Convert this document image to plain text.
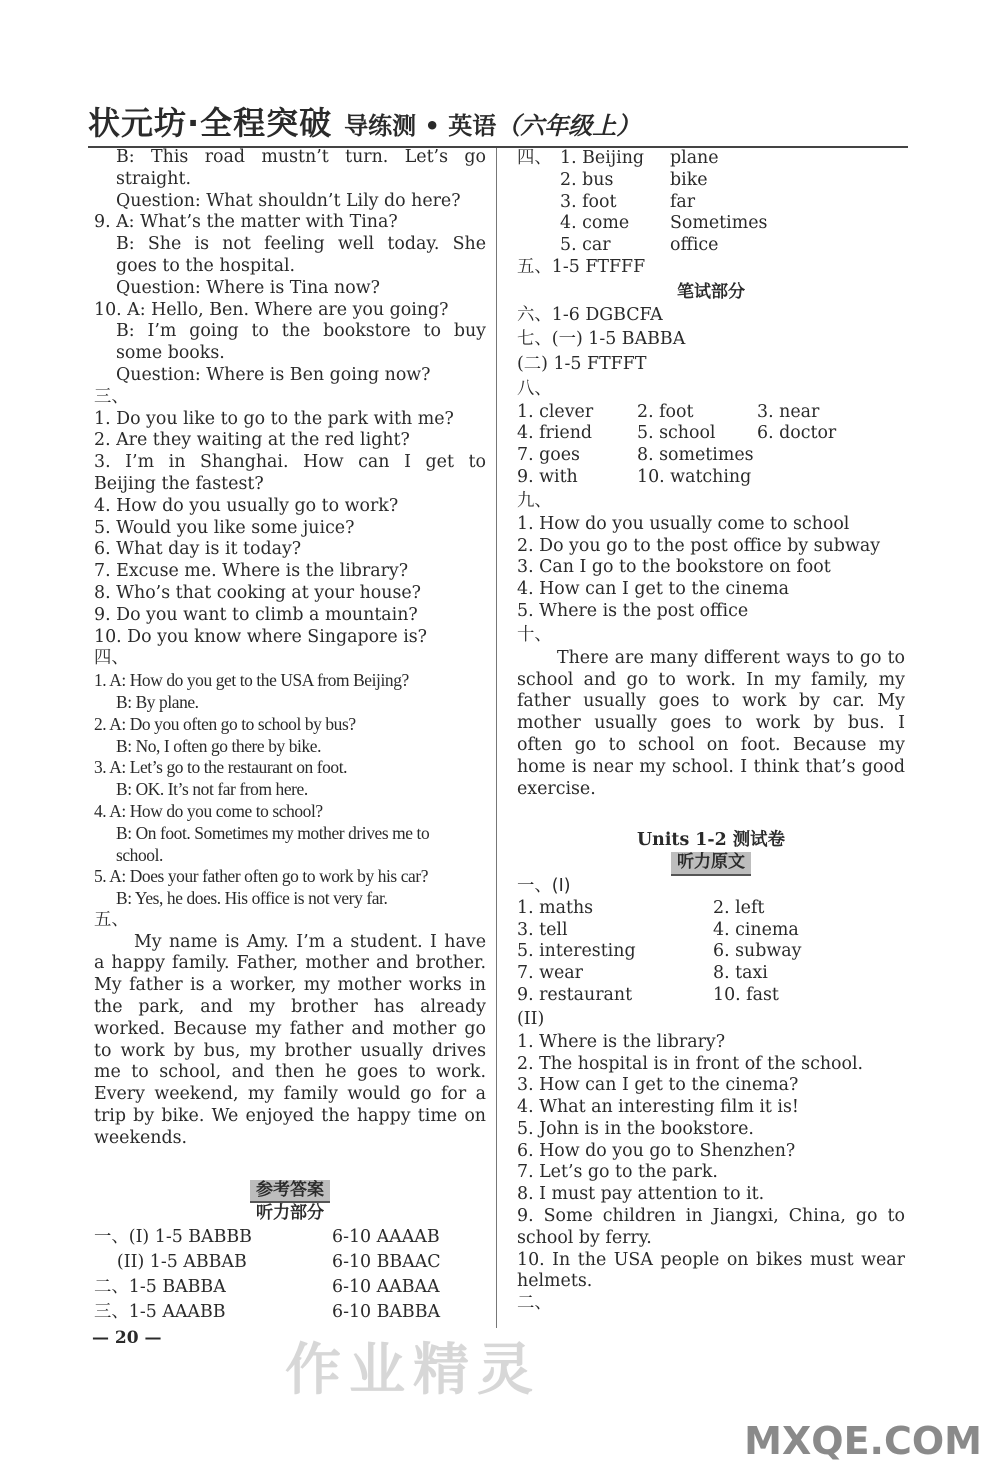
状元坊·全程突破 导练测 • 英语 （六年级上）
B: This road mustn’t turn. Let’s go
straight.
Question: What shouldn’t Lily do here?
9. A: What’s the matter with Tina?
B: She is not feeling well today. She
goes to the hospital.
Question: Where is Tina now?
10. A: Hello, Ben. Where are you going?
B: I’m going to the bookstore to buy
some books.
Question: Where is Ben going now?
三、
1. Do you like to go to the park with me?
2. Are they waiting at the red light?
3. I’m in Shanghai. How can I get to
Beijing the fastest?
4. How do you usually go to work?
5. Would you like some juice?
6. What day is it today?
7. Excuse me. Where is the library?
8. Who’s that cooking at your house?
9. Do you want to climb a mountain?
10. Do you know where Singapore is?
四、
1. A: How do you get to the USA from Beijing?
B: By plane.
2. A: Do you often go to school by bus?
B: No, I often go there by bike.
3. A: Let’s go to the restaurant on foot.
B: OK. It’s not far from here.
4. A: How do you come to school?
B: On foot. Sometimes my mother drives me to
school.
5. A: Does your father often go to work by his car?
B: Yes, he does. His office is not very far.
五、
My name is Amy. I’m a student. I have
a happy family. Father, mother and brother.
My father is a worker, my mother works in
the park, and my brother has already
worked. Because my father and mother go
to work by bus, my brother usually drives
me to school, and then he goes to work.
Every weekend, my family would go for a
trip by bike. We enjoyed the happy time on
weekends.
参考答案
听力部分
一、(I) 1-5 BABBB	6-10 AAAAB
　 (II) 1-5 ABBAB	6-10 BBAAC
二、1-5 BABBA	6-10 AABAA
三、1-5 AAABB	6-10 BABBA
四、 1. Beijing	plane
2. bus	bike
3. foot	far
4. come	Sometimes
5. car	office
五、1-5 FTFFF
笔试部分
六、1-6 DGBCFA
七、(一) 1-5 BABBA
(二) 1-5 FTFFT
八、
1. clever	2. foot	3. near
4. friend	5. school	6. doctor
7. goes	8. sometimes
9. with	10. watching
九、
1. How do you usually come to school
2. Do you go to the post office by subway
3. Can I go to the bookstore on foot
4. How can I get to the cinema
5. Where is the post office
十、
There are many different ways to go to
school and go to work. In my family, my
father usually goes to work by car. My
mother usually goes to work by bus. I
often go to school on foot. Because my
home is near my school. I think that’s good
exercise.
Units 1-2 测试卷
听力原文
一、(I)
1. maths	2. left
3. tell	4. cinema
5. interesting	6. subway
7. wear	8. taxi
9. restaurant	10. fast
(II)
1. Where is the library?
2. The hospital is in front of the school.
3. How can I get to the cinema?
4. What an interesting film it is!
5. John is in the bookstore.
6. How do you go to Shenzhen?
7. Let’s go to the park.
8. I must pay attention to it.
9. Some children in Jiangxi, China, go to
school by ferry.
10. In the USA people on bikes must wear
helmets.
二、
— 20 — 作业精灵
MXQE.COM
